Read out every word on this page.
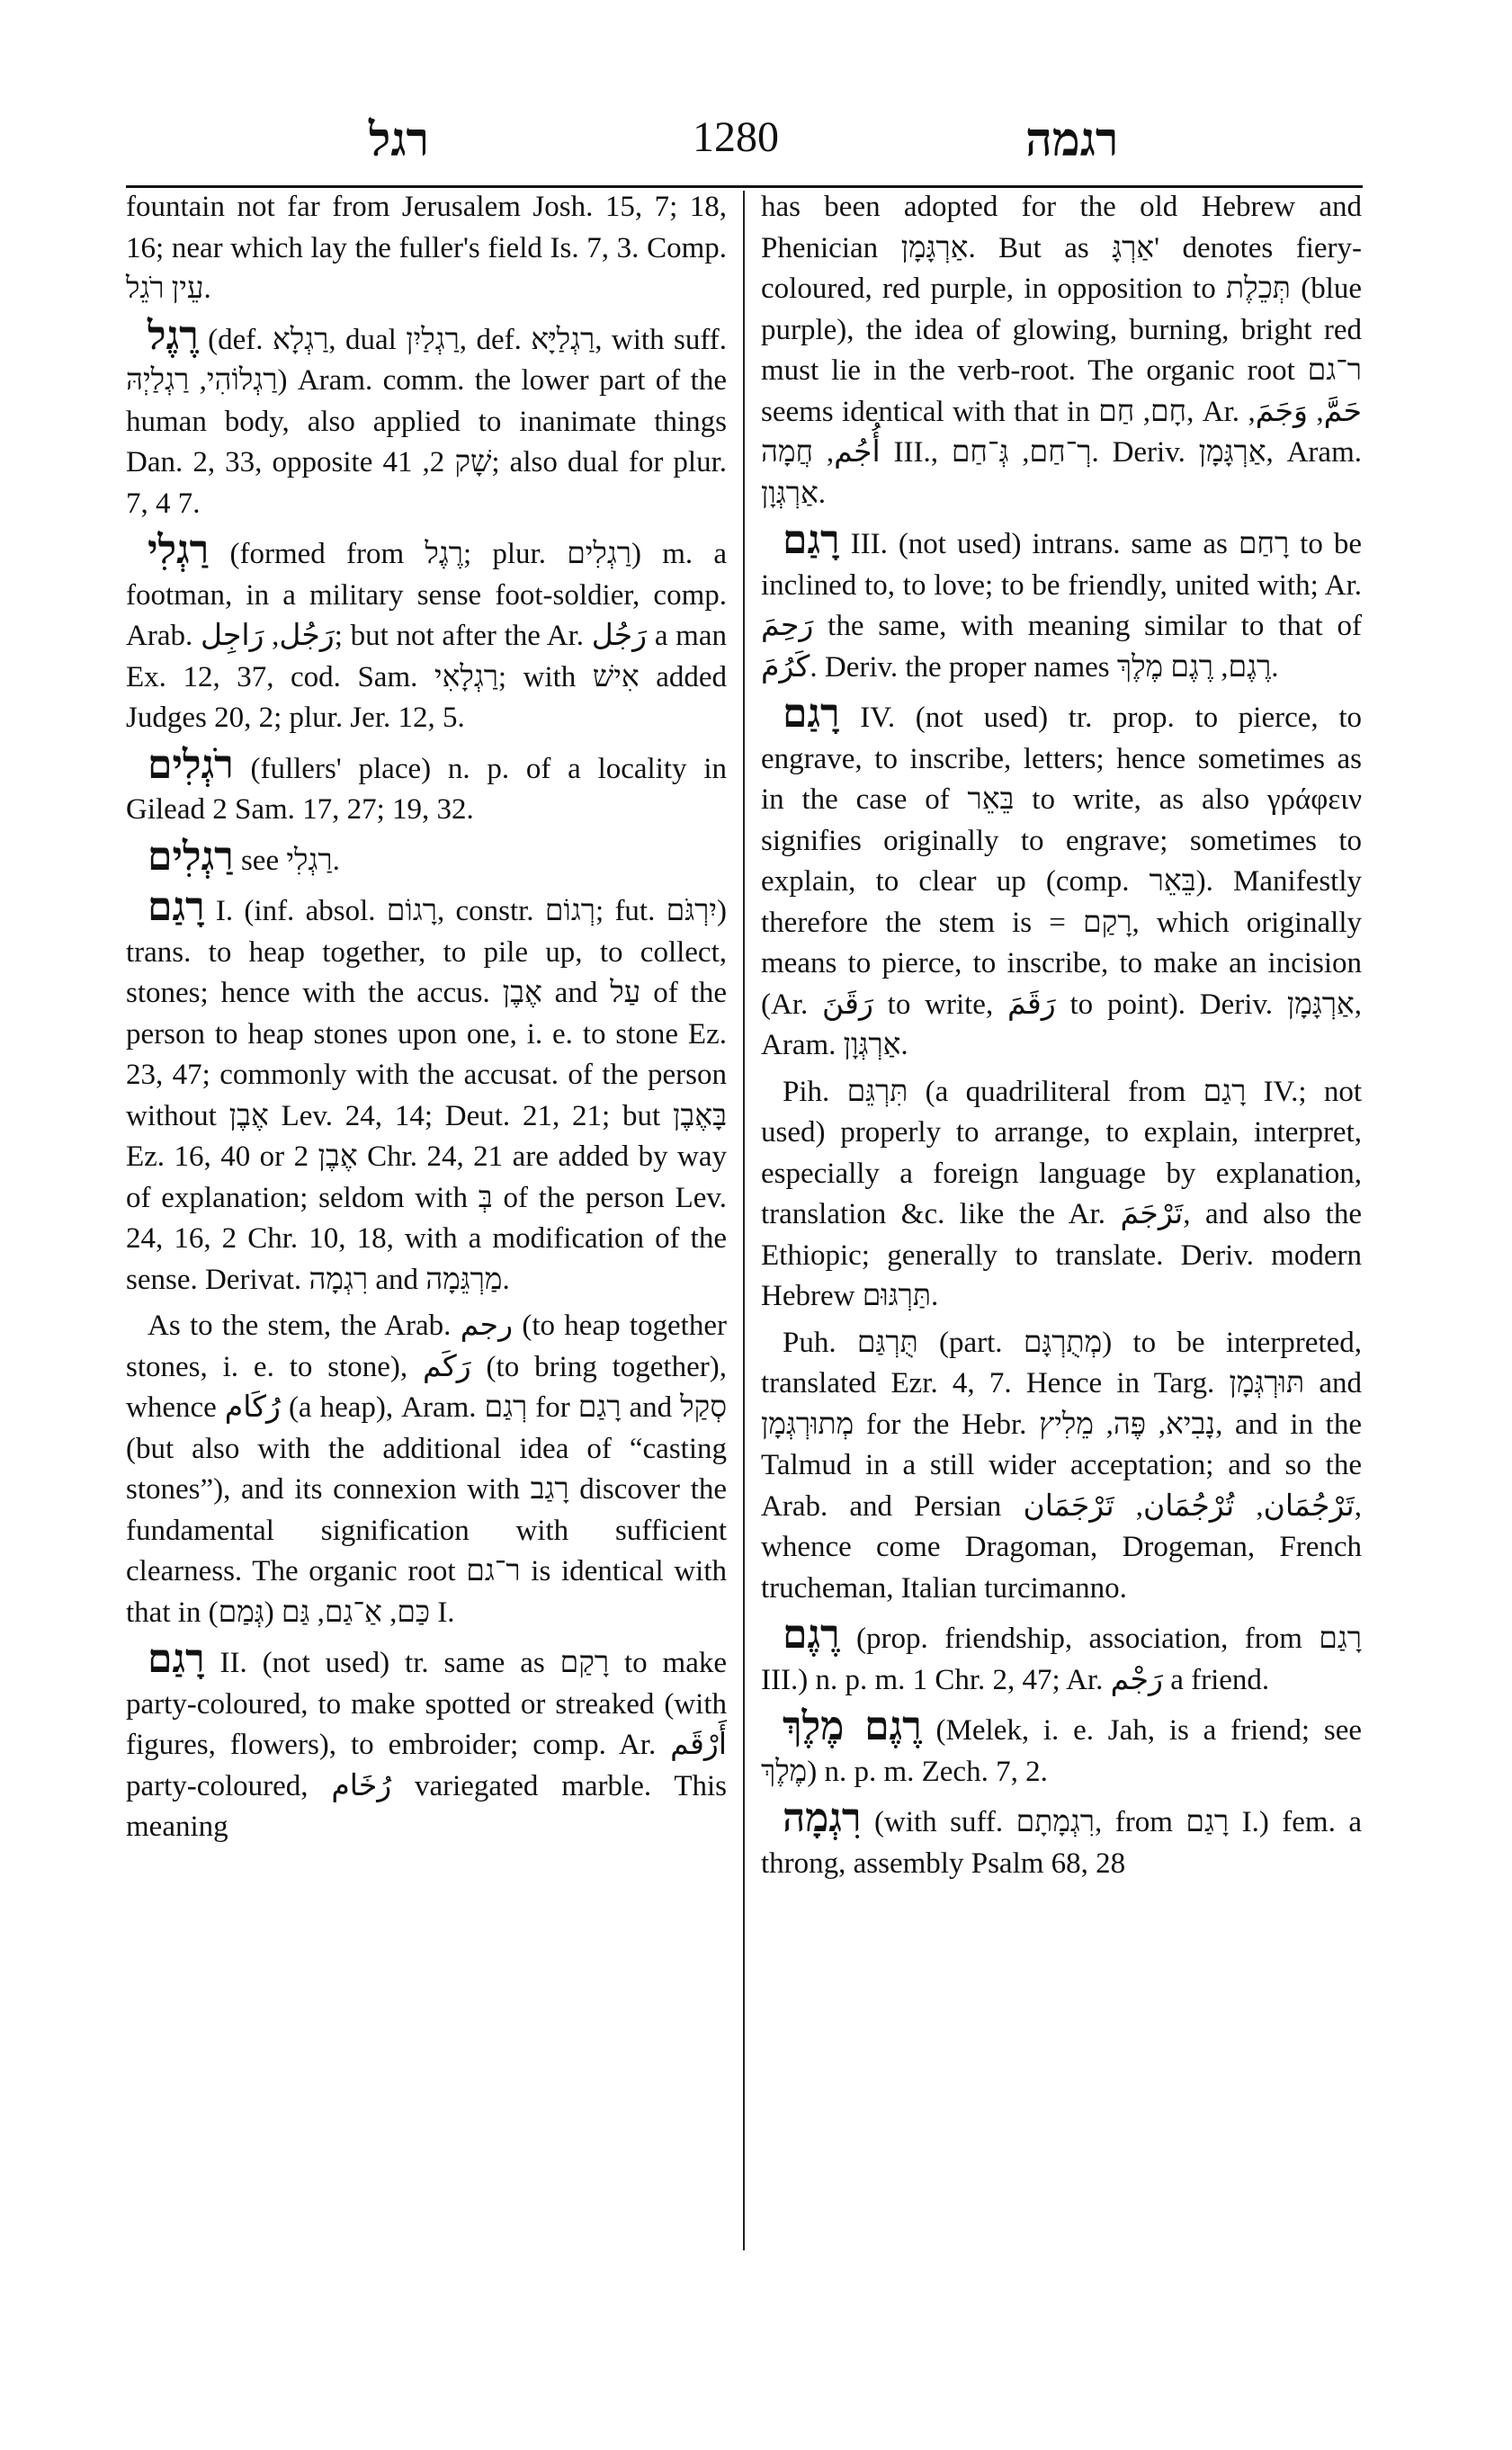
רגל	1280	רגמה

fountain not far from Jerusalem Josh. 15, 7; 18, 16; near which lay the fuller's field Is. 7, 3. Comp. עֵין רֹגֵל.

רֶגֶל (def. רַגְלָא, dual רַגְלַיִן, def. רַגְלַיָּא, with suff. רַגְלוֹהִי, רַגְלַיְהּ) Aram. comm. the lower part of the human body, also applied to inanimate things Dan. 2, 33, opposite שָׁק 2, 41; also dual for plur. 7, 4 7.

רַגְלִי (formed from רֶגֶל; plur. רַגְלִים) m. a footman, in a military sense foot-soldier, comp. Arab. رَجُل, رَاجِل; but not after the Ar. رَجُل a man Ex. 12, 37, cod. Sam. רַגְלָאִי; with אִישׁ added Judges 20, 2; plur. Jer. 12, 5.

רֹגְלִים (fullers' place) n. p. of a locality in Gilead 2 Sam. 17, 27; 19, 32.

רַגְלִים see רַגְלִי.

רָגַם I. (inf. absol. רָגוֹם, constr. רְגוֹם; fut. יִרְגֹּם) trans. to heap together, to pile up, to collect, stones; hence with the accus. אֶבֶן and עַל of the person to heap stones upon one, i. e. to stone Ez. 23, 47; commonly with the accusat. of the person without אֶבֶן Lev. 24, 14; Deut. 21, 21; but בָּאֶבֶן Ez. 16, 40 or אֶבֶן 2 Chr. 24, 21 are added by way of explanation; seldom with בְּ of the person Lev. 24, 16, 2 Chr. 10, 18, with a modification of the sense. Derivat. רִגְמָה and מַרְגֵּמָה.

As to the stem, the Arab. رجم (to heap together stones, i. e. to stone), رَكَم (to bring together), whence رُكَام (a heap), Aram. רְגַם for רָגַם and סְקַל (but also with the additional idea of “casting stones”), and its connexion with רָגַב discover the fundamental signification with sufficient clearness. The organic root ר־גם is identical with that in כַּם, אַ־גַם, גַּם (גְּמַם) I.

רָגַם II. (not used) tr. same as רָקַם to make party-coloured, to make spotted or streaked (with figures, flowers), to embroider; comp. Ar. أَرْقَم party-coloured, رُخَام variegated marble. This meaning

has been adopted for the old Hebrew and Phenician אַרְגָּמָן. But as אַרְגָּ' denotes fiery-coloured, red purple, in opposition to תְּכֵלֶת (blue purple), the idea of glowing, burning, bright red must lie in the verb-root. The organic root ר־גם seems identical with that in חָם, חַם, Ar. حَمَّ, وَجَمَ, أُجُم, חֲמָה III., רְ־חַם, גְּ־חַם. Deriv. אַרְגָּמָן, Aram. אַרְגְּוָן.

רָגַם III. (not used) intrans. same as רָחַם to be inclined to, to love; to be friendly, united with; Ar. رَحِمَ the same, with meaning similar to that of كَرُمَ. Deriv. the proper names רֶגֶם, רֶגֶם מֶלֶךְ.

רָגַם IV. (not used) tr. prop. to pierce, to engrave, to inscribe, letters; hence sometimes as in the case of בֵּאֵר to write, as also γράφειν signifies originally to engrave; sometimes to explain, to clear up (comp. בֵּאֵר). Manifestly therefore the stem is = רָקַם, which originally means to pierce, to inscribe, to make an incision (Ar. رَقَنَ to write, رَقَمَ to point). Deriv. אַרְגָּמָן, Aram. אַרְגְּוָן.

Pih. תִּרְגֵּם (a quadriliteral from רָגַם IV.; not used) properly to arrange, to explain, interpret, especially a foreign language by explanation, translation &c. like the Ar. تَرْجَمَ, and also the Ethiopic; generally to translate. Deriv. modern Hebrew תַּרְגּוּם.

Puh. תֻּרְגַּם (part. מְתֻרְגָּם) to be interpreted, translated Ezr. 4, 7. Hence in Targ. תּוּרְגְּמָן and מְתוּרְגְּמָן for the Hebr. נָבִיא, פֶּה, מֵלִיץ, and in the Talmud in a still wider acceptation; and so the Arab. and Persian تَرْجُمَان, تُرْجُمَان, تَرْجَمَان, whence come Dragoman, Drogeman, French trucheman, Italian turcimanno.

רֶגֶם (prop. friendship, association, from רָגַם III.) n. p. m. 1 Chr. 2, 47; Ar. رَجْم a friend.

רֶגֶם מֶלֶךְ (Melek, i. e. Jah, is a friend; see מֶלֶךְ) n. p. m. Zech. 7, 2.

רִגְמָה (with suff. רִגְמָתָם, from רָגַם I.) fem. a throng, assembly Psalm 68, 28
